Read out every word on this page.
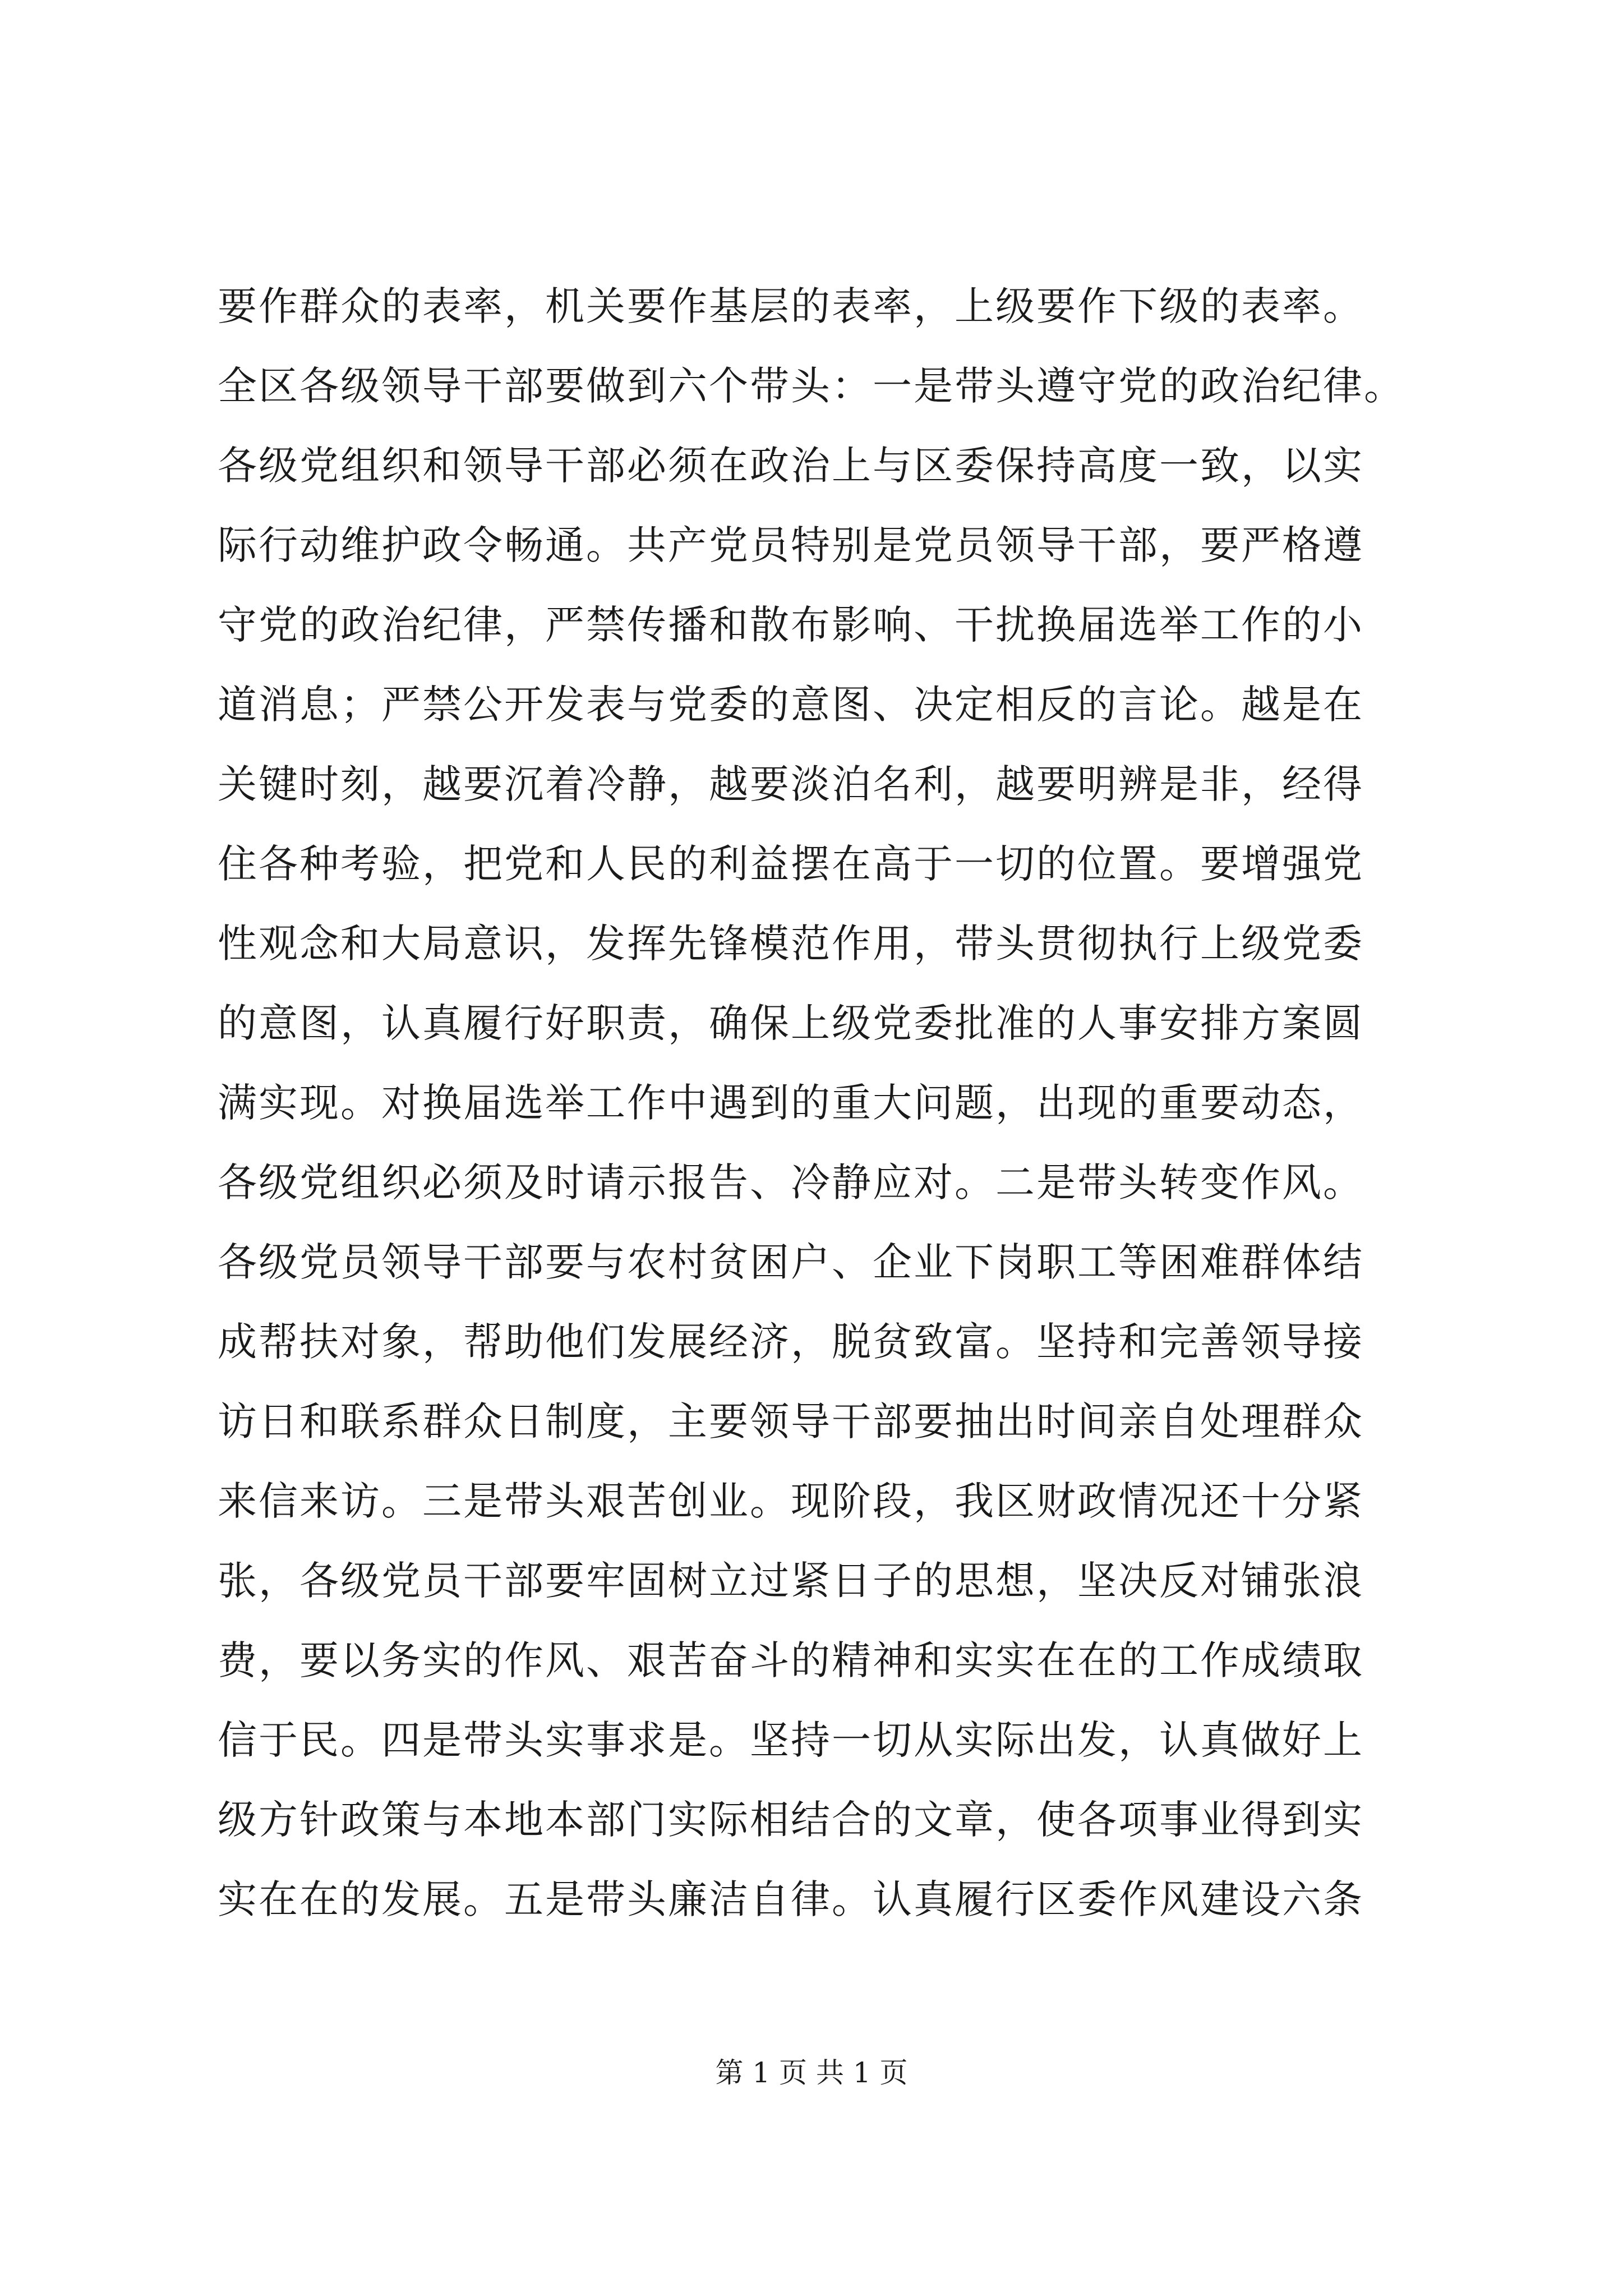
要作群众的表率，机关要作基层的表率，上级要作下级的表率。
全区各级领导干部要做到六个带头：一是带头遵守党的政治纪律。
各级党组织和领导干部必须在政治上与区委保持高度一致，以实
际行动维护政令畅通。共产党员特别是党员领导干部，要严格遵
守党的政治纪律，严禁传播和散布影响、干扰换届选举工作的小
道消息；严禁公开发表与党委的意图、决定相反的言论。越是在
关键时刻，越要沉着冷静，越要淡泊名利，越要明辨是非，经得
住各种考验，把党和人民的利益摆在高于一切的位置。要增强党
性观念和大局意识，发挥先锋模范作用，带头贯彻执行上级党委
的意图，认真履行好职责，确保上级党委批准的人事安排方案圆
满实现。对换届选举工作中遇到的重大问题，出现的重要动态，
各级党组织必须及时请示报告、冷静应对。二是带头转变作风。
各级党员领导干部要与农村贫困户、企业下岗职工等困难群体结
成帮扶对象，帮助他们发展经济，脱贫致富。坚持和完善领导接
访日和联系群众日制度，主要领导干部要抽出时间亲自处理群众
来信来访。三是带头艰苦创业。现阶段，我区财政情况还十分紧
张，各级党员干部要牢固树立过紧日子的思想，坚决反对铺张浪
费，要以务实的作风、艰苦奋斗的精神和实实在在的工作成绩取
信于民。四是带头实事求是。坚持一切从实际出发，认真做好上
级方针政策与本地本部门实际相结合的文章，使各项事业得到实
实在在的发展。五是带头廉洁自律。认真履行区委作风建设六条
第 1 页 共 1 页
